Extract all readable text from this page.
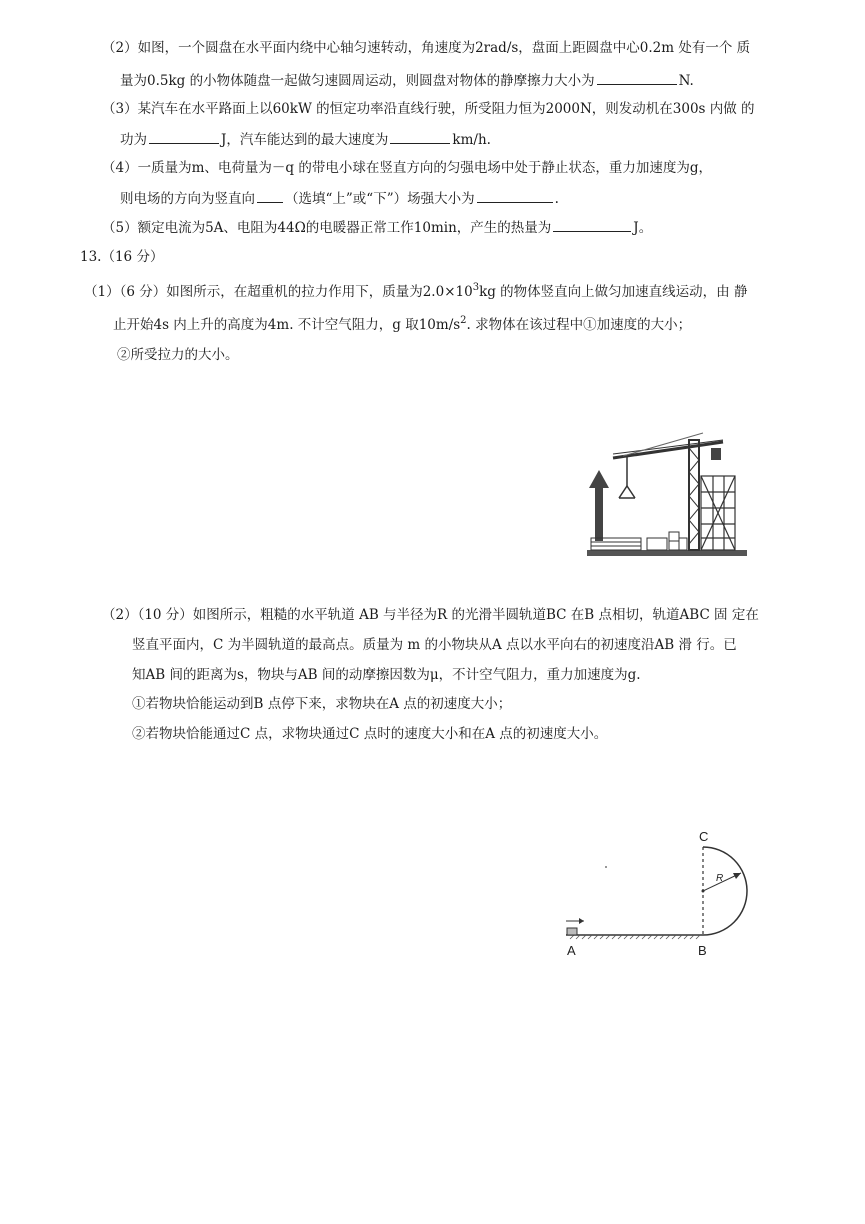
（2）如图，一个圆盘在水平面内绕中心轴匀速转动，角速度为2rad/s，盘面上距圆盘中心0.2m 处有一个 质
量为0.5kg 的小物体随盘一起做匀速圆周运动，则圆盘对物体的静摩擦力大小为	N.
（3）某汽车在水平路面上以60kW 的恒定功率沿直线行驶，所受阻力恒为2000N，则发动机在300s 内做 的
功为	J，汽车能达到的最大速度为	km/h.
（4）一质量为m、电荷量为－q 的带电小球在竖直方向的匀强电场中处于静止状态，重力加速度为g，
则电场的方向为竖直向 （选填“上”或“下”）场强大小为	.
（5）额定电流为5A、电阻为44Ω的电暖器正常工作10min，产生的热量为	J。
13.（16 分）
（1）（6 分）如图所示，在超重机的拉力作用下，质量为$2.0\times 10^3kg$ 的物体竖直向上做匀加速直线运动，由 静
止开始4s 内上升的高度为4m. 不计空气阻力，g 取$10m/s^2$. 求物体在该过程中①加速度的大小；
②所受拉力的大小。
（2）（10 分）如图所示，粗糙的水平轨道 AB 与半径为R 的光滑半圆轨道BC 在B 点相切，轨道ABC 固 定在
竖直平面内，C 为半圆轨道的最高点。质量为 m 的小物块从A 点以水平向右的初速度沿AB 滑 行。已
知AB 间的距离为s，物块与AB 间的动摩擦因数为μ，不计空气阻力，重力加速度为g.
①若物块恰能运动到B 点停下来，求物块在A 点的初速度大小；
②若物块恰能通过C 点，求物块通过C 点时的速度大小和在A 点的初速度大小。
C
R
A	B
